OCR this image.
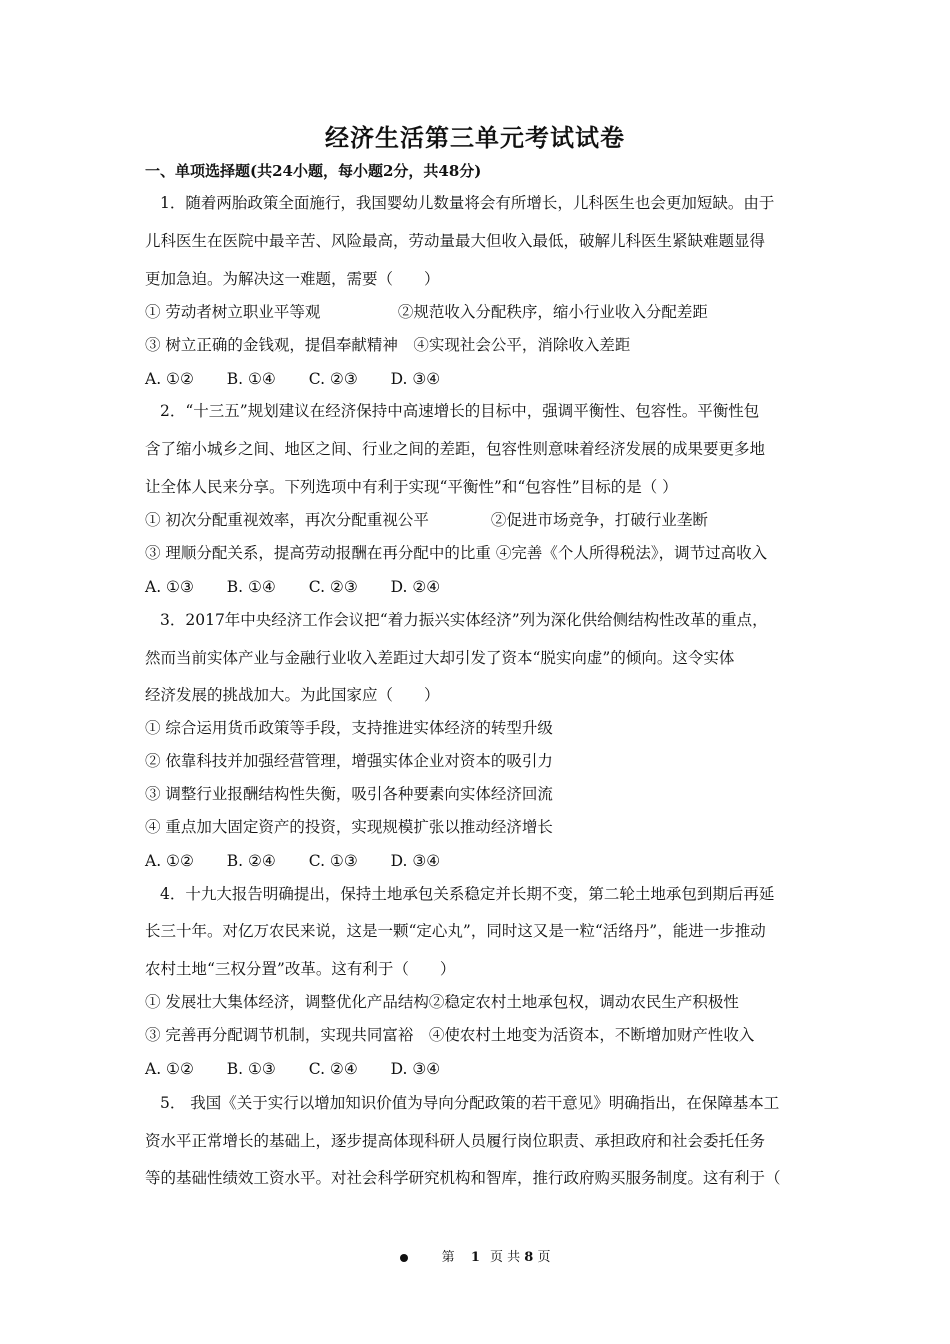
经济生活第三单元考试试卷
一、单项选择题(共24小题，每小题2分，共48分)
1．随着两胎政策全面施行，我国婴幼儿数量将会有所增长，儿科医生也会更加短缺。由于
儿科医生在医院中最辛苦、风险最高，劳动量最大但收入最低，破解儿科医生紧缺难题显得
更加急迫。为解决这一难题，需要（　　）
① 劳动者树立职业平等观　　　　　②规范收入分配秩序，缩小行业收入分配差距
③ 树立正确的金钱观，提倡奉献精神　④实现社会公平，消除收入差距
A. ①② B. ①④ C. ②③ D. ③④
2．“十三五”规划建议在经济保持中高速增长的目标中，强调平衡性、包容性。平衡性包
含了缩小城乡之间、地区之间、行业之间的差距，包容性则意味着经济发展的成果要更多地
让全体人民来分享。下列选项中有利于实现“平衡性”和“包容性”目标的是（ ）
① 初次分配重视效率，再次分配重视公平　　　　②促进市场竞争，打破行业垄断
③ 理顺分配关系，提高劳动报酬在再分配中的比重 ④完善《个人所得税法》，调节过高收入
A. ①③ B. ①④ C. ②③ D. ②④
3．2017年中央经济工作会议把“着力振兴实体经济”列为深化供给侧结构性改革的重点，
然而当前实体产业与金融行业收入差距过大却引发了资本“脱实向虚”的倾向。这令实体
经济发展的挑战加大。为此国家应（　　）
① 综合运用货币政策等手段，支持推进实体经济的转型升级
② 依靠科技并加强经营管理，增强实体企业对资本的吸引力
③ 调整行业报酬结构性失衡，吸引各种要素向实体经济回流
④ 重点加大固定资产的投资，实现规模扩张以推动经济增长
A. ①② B. ②④ C. ①③ D. ③④
4．十九大报告明确提出，保持土地承包关系稳定并长期不变，第二轮土地承包到期后再延
长三十年。对亿万农民来说，这是一颗“定心丸”，同时这又是一粒“活络丹”，能进一步推动
农村土地“三权分置”改革。这有利于（　　）
① 发展壮大集体经济，调整优化产品结构②稳定农村土地承包权，调动农民生产积极性
③ 完善再分配调节机制，实现共同富裕　④使农村土地变为活资本，不断增加财产性收入
A. ①② B. ①③ C. ②④ D. ③④
5． 我国《关于实行以增加知识价值为导向分配政策的若干意见》明确指出，在保障基本工
资水平正常增长的基础上，逐步提高体现科研人员履行岗位职责、承担政府和社会委托任务
等的基础性绩效工资水平。对社会科学研究机构和智库，推行政府购买服务制度。这有利于（
第 1 页 共 8 页
